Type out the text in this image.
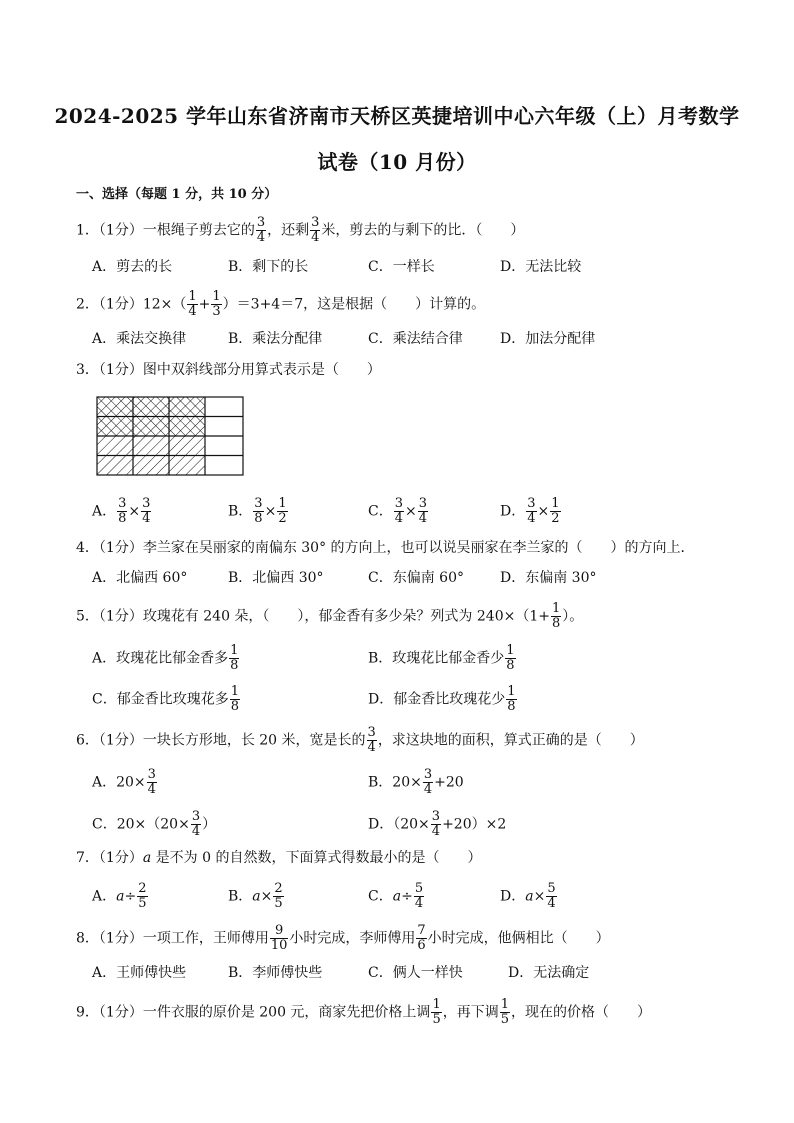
2024-2025 学年山东省济南市天桥区英捷培训中心六年级（上）月考数学
试卷（10 月份）
一、选择（每题 1 分，共 10 分）
1．（1分）一根绳子剪去它的 $\frac{3}{4}$ ，还剩 $\frac{3}{4}$ 米，剪去的与剩下的比．（　　）
A．剪去的长	B．剩下的长	C．一样长	D．无法比较
2．（1分）$12\times( \frac{1}{4} + \frac{1}{3} )=3+4=7$，这是根据（　　）计算的。
A．乘法交换律	B．乘法分配律	C．乘法结合律	D．加法分配律
3．（1分）图中双斜线部分用算式表示是（　　）
A． $\frac{3}{8} \times \frac{3}{4}$	B． $\frac{3}{8} \times \frac{1}{2}$	C． $\frac{3}{4} \times \frac{3}{4}$	D． $\frac{3}{4} \times \frac{1}{2}$
4．（1分）李兰家在吴丽家的南偏东 30° 的方向上，也可以说吴丽家在李兰家的（　　）的方向上．
A．北偏西 60°	B．北偏西 30°	C．东偏南 60°	D．东偏南 30°
5．（1分）玫瑰花有 240 朵，（　　），郁金香有多少朵？列式为 $240\times(1+ \frac{1}{8}$ ）。
A．玫瑰花比郁金香多 $\frac{1}{8}$	B．玫瑰花比郁金香少 $\frac{1}{8}$
C．郁金香比玫瑰花多 $\frac{1}{8}$	D．郁金香比玫瑰花少 $\frac{1}{8}$
6．（1分）一块长方形地，长 20 米，宽是长的 $\frac{3}{4}$ ，求这块地的面积，算式正确的是（　　）
A．$20\times \frac{3}{4}$	B．$20\times \frac{3}{4} +20$
C．$20\times(20\times \frac{3}{4}$ ）	D．$(20\times \frac{3}{4} +20)\times 2$
7．（1分）a 是不为 0 的自然数，下面算式得数最小的是（　　）
A．$a\div \frac{2}{5}$	B．$a\times \frac{2}{5}$	C．$a\div \frac{5}{4}$	D．$a\times \frac{5}{4}$
8．（1分）一项工作，王师傅用 $\frac{9}{10}$ 小时完成，李师傅用 $\frac{7}{6}$ 小时完成，他俩相比（　　）
A．王师傅快些	B．李师傅快些	C．俩人一样快	D．无法确定
9．（1分）一件衣服的原价是 200 元，商家先把价格上调 $\frac{1}{5}$ ，再下调 $\frac{1}{5}$ ，现在的价格（　　）
